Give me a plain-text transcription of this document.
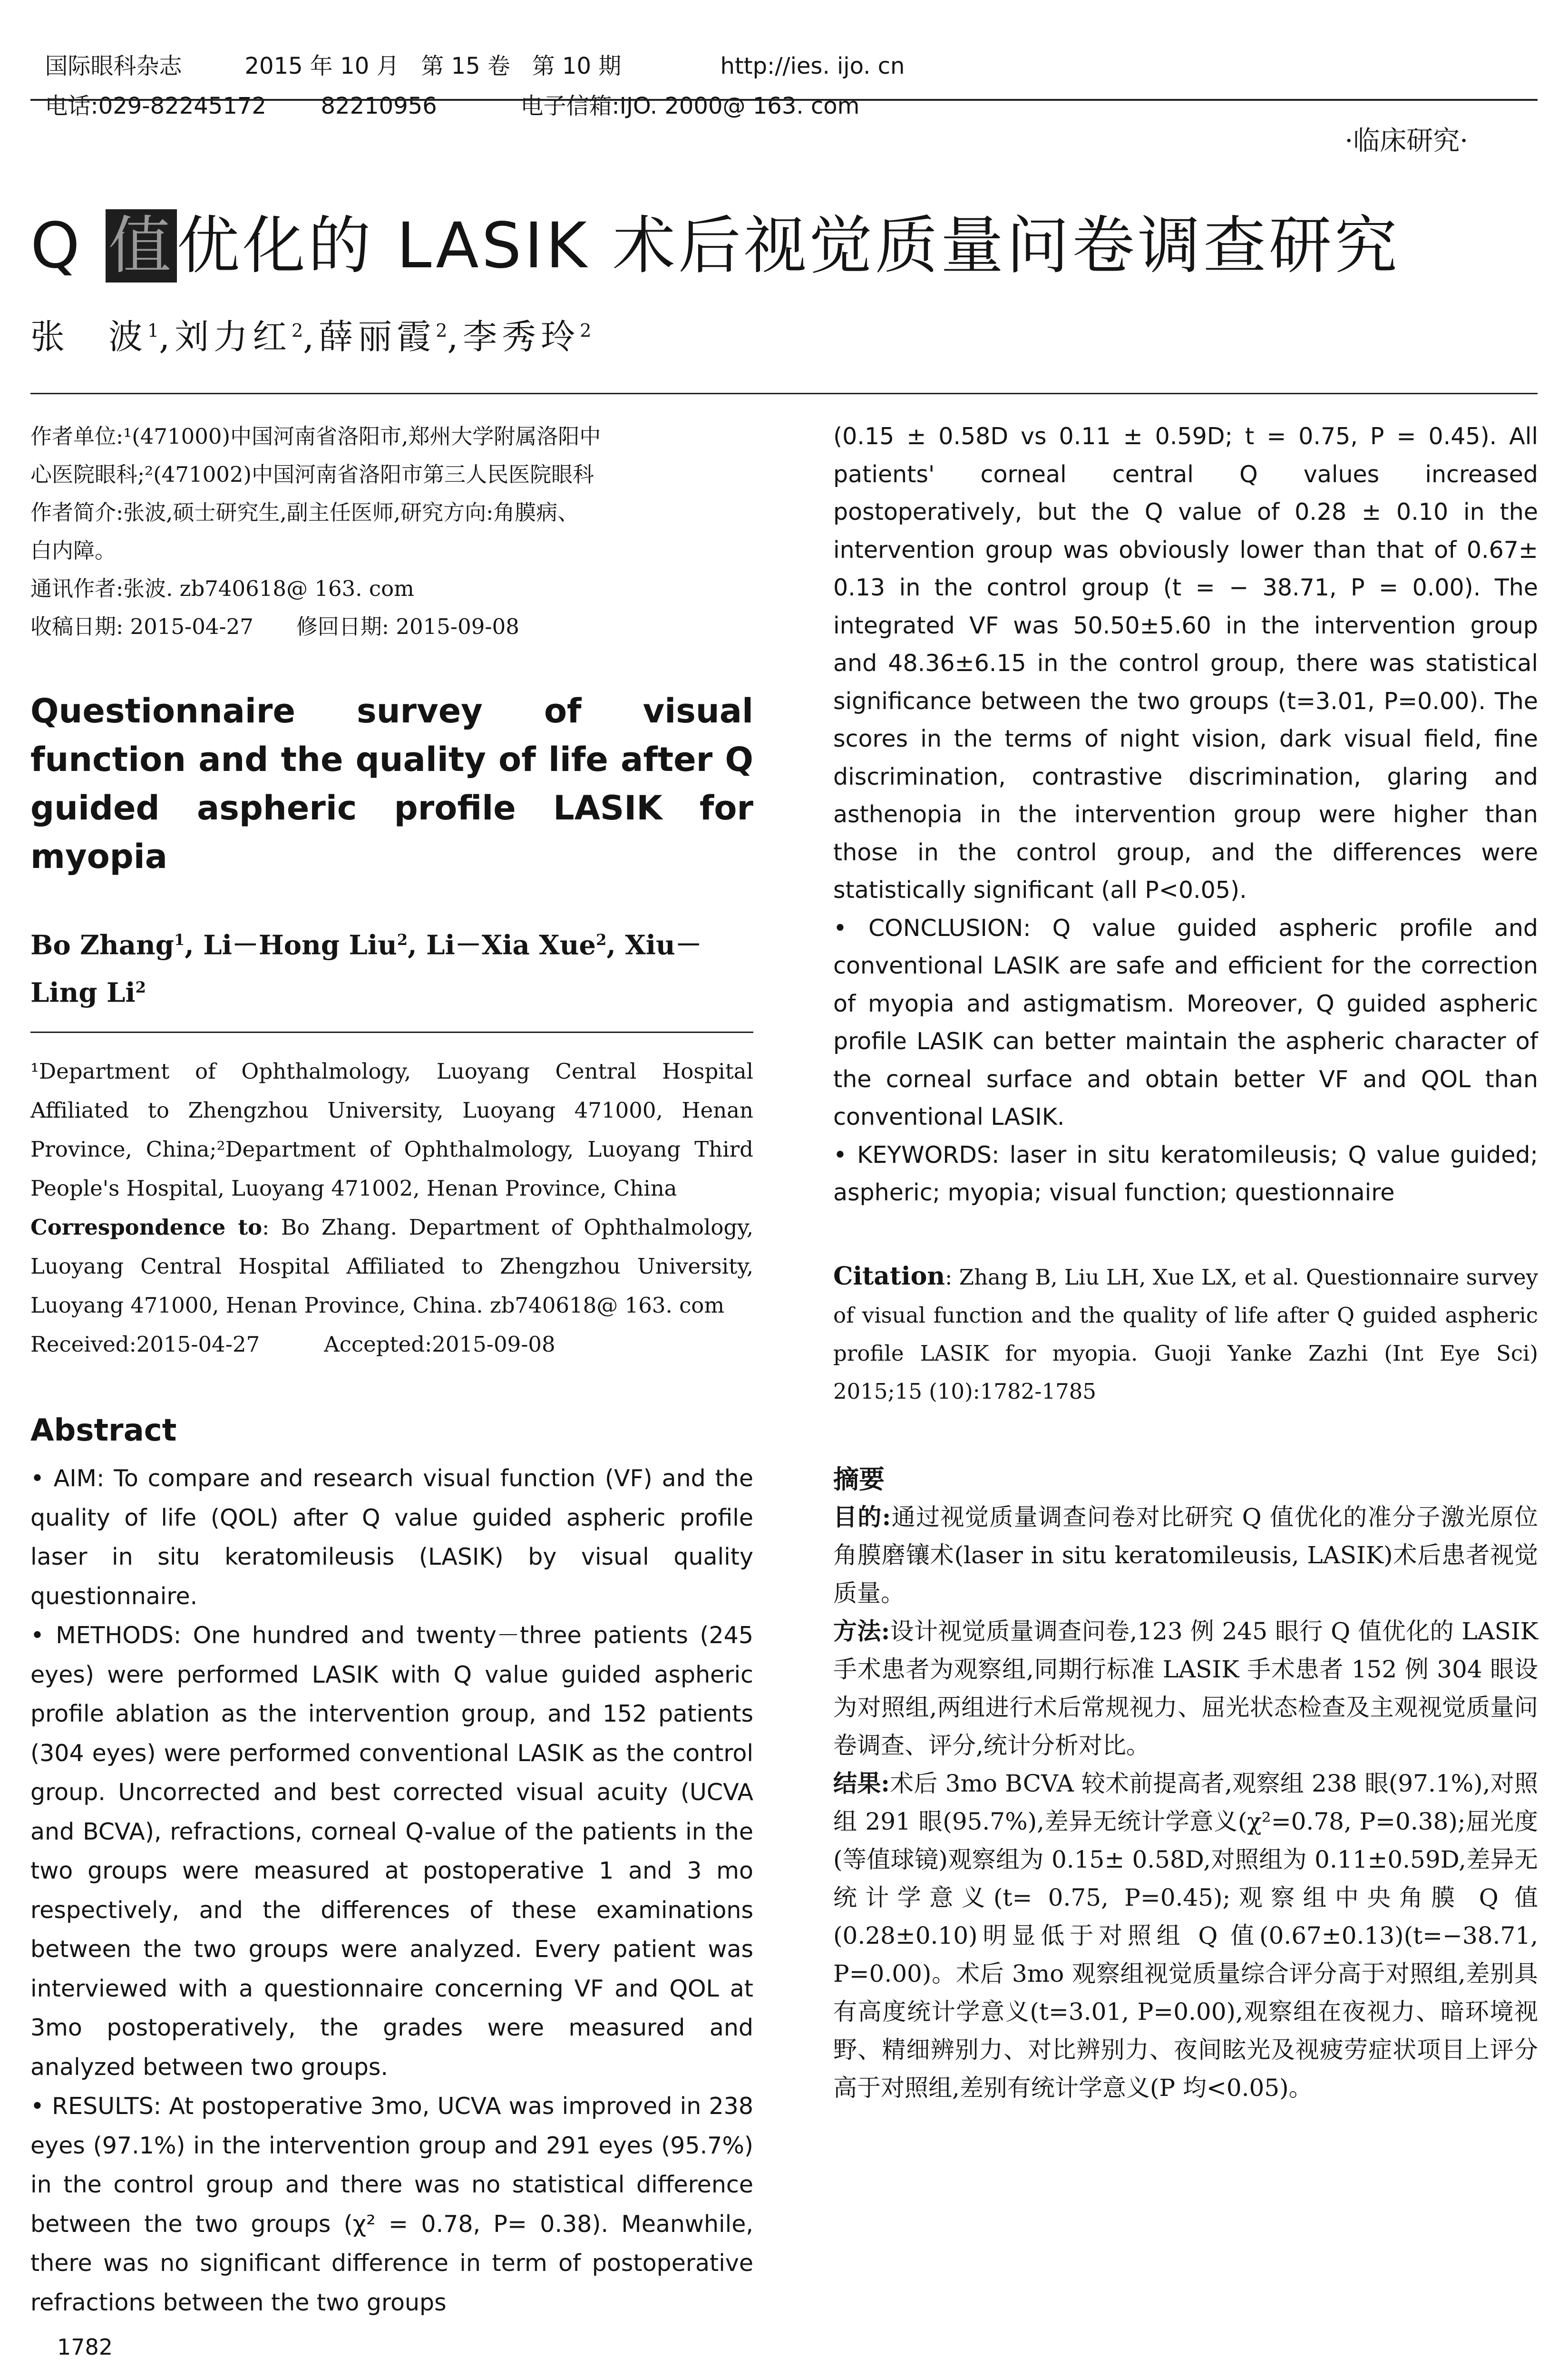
国际眼科杂志	2015 年 10 月   第 15 卷   第 10 期	http://ies. ijo. cn

电话:029-82245172 82210956	电子信箱:IJO. 2000@ 163. com

·临床研究·
Q 值优化的 LASIK 术后视觉质量问卷调查研究
张　波$^1$,刘力红$^2$,薛丽霞$^2$,李秀玲$^2$

作者单位:¹(471000)中国河南省洛阳市,郑州大学附属洛阳中

心医院眼科;²(471002)中国河南省洛阳市第三人民医院眼科

作者简介:张波,硕士研究生,副主任医师,研究方向:角膜病、

白内障。

通讯作者:张波. zb740618@ 163. com

收稿日期: 2015-04-27　　修回日期: 2015-09-08

Questionnaire survey of visual function and the quality of life after Q guided aspheric profile LASIK for myopia
Bo Zhang$^1$, Li－Hong Liu$^2$, Li－Xia Xue$^2$, Xiu－Ling Li$^2$

¹Department of Ophthalmology, Luoyang Central Hospital Affiliated to Zhengzhou University, Luoyang 471000, Henan Province, China;²Department of Ophthalmology, Luoyang Third People's Hospital, Luoyang 471002, Henan Province, China

Correspondence to: Bo Zhang. Department of Ophthalmology, Luoyang Central Hospital Affiliated to Zhengzhou University, Luoyang 471000, Henan Province, China. zb740618@ 163. com

Received:2015-04-27　　　Accepted:2015-09-08

Abstract

• AIM: To compare and research visual function (VF) and the quality of life (QOL) after Q value guided aspheric profile laser in situ keratomileusis (LASIK) by visual quality questionnaire.

• METHODS: One hundred and twenty－three patients (245 eyes) were performed LASIK with Q value guided aspheric profile ablation as the intervention group, and 152 patients (304 eyes) were performed conventional LASIK as the control group. Uncorrected and best corrected visual acuity (UCVA and BCVA), refractions, corneal Q-value of the patients in the two groups were measured at postoperative 1 and 3 mo respectively, and the differences of these examinations between the two groups were analyzed. Every patient was interviewed with a questionnaire concerning VF and QOL at 3mo postoperatively, the grades were measured and analyzed between two groups.

• RESULTS: At postoperative 3mo, UCVA was improved in 238 eyes (97.1%) in the intervention group and 291 eyes (95.7%) in the control group and there was no statistical difference between the two groups (χ² = 0.78, P= 0.38). Meanwhile, there was no significant difference in term of postoperative refractions between the two groups

(0.15 ± 0.58D vs 0.11 ± 0.59D; t = 0.75, P = 0.45). All patients' corneal central Q values increased postoperatively, but the Q value of 0.28 ± 0.10 in the intervention group was obviously lower than that of 0.67± 0.13 in the control group (t = − 38.71, P = 0.00). The integrated VF was 50.50±5.60 in the intervention group and 48.36±6.15 in the control group, there was statistical significance between the two groups (t=3.01, P=0.00). The scores in the terms of night vision, dark visual field, fine discrimination, contrastive discrimination, glaring and asthenopia in the intervention group were higher than those in the control group, and the differences were statistically significant (all P<0.05).

• CONCLUSION: Q value guided aspheric profile and conventional LASIK are safe and efficient for the correction of myopia and astigmatism. Moreover, Q guided aspheric profile LASIK can better maintain the aspheric character of the corneal surface and obtain better VF and QOL than conventional LASIK.

• KEYWORDS: laser in situ keratomileusis; Q value guided; aspheric; myopia; visual function; questionnaire

Citation: Zhang B, Liu LH, Xue LX, et al. Questionnaire survey of visual function and the quality of life after Q guided aspheric profile LASIK for myopia. Guoji Yanke Zazhi (Int Eye Sci) 2015;15 (10):1782-1785
摘要

目的:通过视觉质量调查问卷对比研究 Q 值优化的准分子激光原位角膜磨镶术(laser in situ keratomileusis, LASIK)术后患者视觉质量。

方法:设计视觉质量调查问卷,123 例 245 眼行 Q 值优化的 LASIK 手术患者为观察组,同期行标准 LASIK 手术患者 152 例 304 眼设为对照组,两组进行术后常规视力、屈光状态检查及主观视觉质量问卷调查、评分,统计分析对比。

结果:术后 3mo BCVA 较术前提高者,观察组 238 眼(97.1%),对照组 291 眼(95.7%),差异无统计学意义(χ²=0.78, P=0.38);屈光度(等值球镜)观察组为 0.15± 0.58D,对照组为 0.11±0.59D,差异无统计学意义(t= 0.75, P=0.45);观察组中央角膜 Q 值(0.28±0.10)明显低于对照组 Q 值(0.67±0.13)(t=−38.71, P=0.00)。术后 3mo 观察组视觉质量综合评分高于对照组,差别具有高度统计学意义(t=3.01, P=0.00),观察组在夜视力、暗环境视野、精细辨别力、对比辨别力、夜间眩光及视疲劳症状项目上评分高于对照组,差别有统计学意义(P 均<0.05)。

1782
